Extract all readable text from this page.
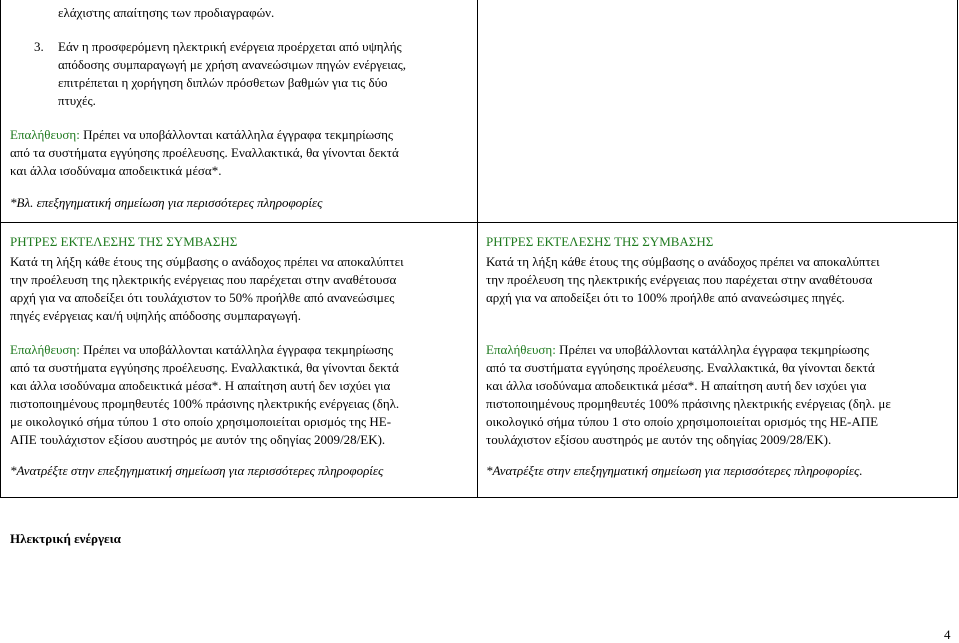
ελάχιστης απαίτησης των προδιαγραφών.

3. Εάν η προσφερόμενη ηλεκτρική ενέργεια προέρχεται από υψηλής

απόδοσης συμπαραγωγή με χρήση ανανεώσιμων πηγών ενέργειας,

επιτρέπεται η χορήγηση διπλών πρόσθετων βαθμών για τις δύο

πτυχές.

Επαλήθευση: Πρέπει να υποβάλλονται κατάλληλα έγγραφα τεκμηρίωσης

από τα συστήματα εγγύησης προέλευσης. Εναλλακτικά, θα γίνονται δεκτά

και άλλα ισοδύναμα αποδεικτικά μέσα*.

*Βλ. επεξηγηματική σημείωση για περισσότερες πληροφορίες

ΡΗΤΡΕΣ ΕΚΤΕΛΕΣΗΣ ΤΗΣ ΣΥΜΒΑΣΗΣ

Κατά τη λήξη κάθε έτους της σύμβασης ο ανάδοχος πρέπει να αποκαλύπτει

την προέλευση της ηλεκτρικής ενέργειας που παρέχεται στην αναθέτουσα

αρχή για να αποδείξει ότι τουλάχιστον το 50% προήλθε από ανανεώσιμες

πηγές ενέργειας και/ή υψηλής απόδοσης συμπαραγωγή.

Επαλήθευση: Πρέπει να υποβάλλονται κατάλληλα έγγραφα τεκμηρίωσης

από τα συστήματα εγγύησης προέλευσης. Εναλλακτικά, θα γίνονται δεκτά

και άλλα ισοδύναμα αποδεικτικά μέσα*. Η απαίτηση αυτή δεν ισχύει για

πιστοποιημένους προμηθευτές 100% πράσινης ηλεκτρικής ενέργειας (δηλ.

με οικολογικό σήμα τύπου 1 στο οποίο χρησιμοποιείται ορισμός της ΗΕ-

ΑΠΕ τουλάχιστον εξίσου αυστηρός με αυτόν της οδηγίας 2009/28/ΕΚ).

*Ανατρέξτε στην επεξηγηματική σημείωση για περισσότερες πληροφορίες

ΡΗΤΡΕΣ ΕΚΤΕΛΕΣΗΣ ΤΗΣ ΣΥΜΒΑΣΗΣ

Κατά τη λήξη κάθε έτους της σύμβασης ο ανάδοχος πρέπει να αποκαλύπτει

την προέλευση της ηλεκτρικής ενέργειας που παρέχεται στην αναθέτουσα

αρχή για να αποδείξει ότι το 100% προήλθε από ανανεώσιμες πηγές.

Επαλήθευση: Πρέπει να υποβάλλονται κατάλληλα έγγραφα τεκμηρίωσης

από τα συστήματα εγγύησης προέλευσης. Εναλλακτικά, θα γίνονται δεκτά

και άλλα ισοδύναμα αποδεικτικά μέσα*. Η απαίτηση αυτή δεν ισχύει για

πιστοποιημένους προμηθευτές 100% πράσινης ηλεκτρικής ενέργειας (δηλ. με

οικολογικό σήμα τύπου 1 στο οποίο χρησιμοποιείται ορισμός της ΗΕ-ΑΠΕ

τουλάχιστον εξίσου αυστηρός με αυτόν της οδηγίας 2009/28/ΕΚ).

*Ανατρέξτε στην επεξηγηματική σημείωση για περισσότερες πληροφορίες.

Ηλεκτρική ενέργεια

4
